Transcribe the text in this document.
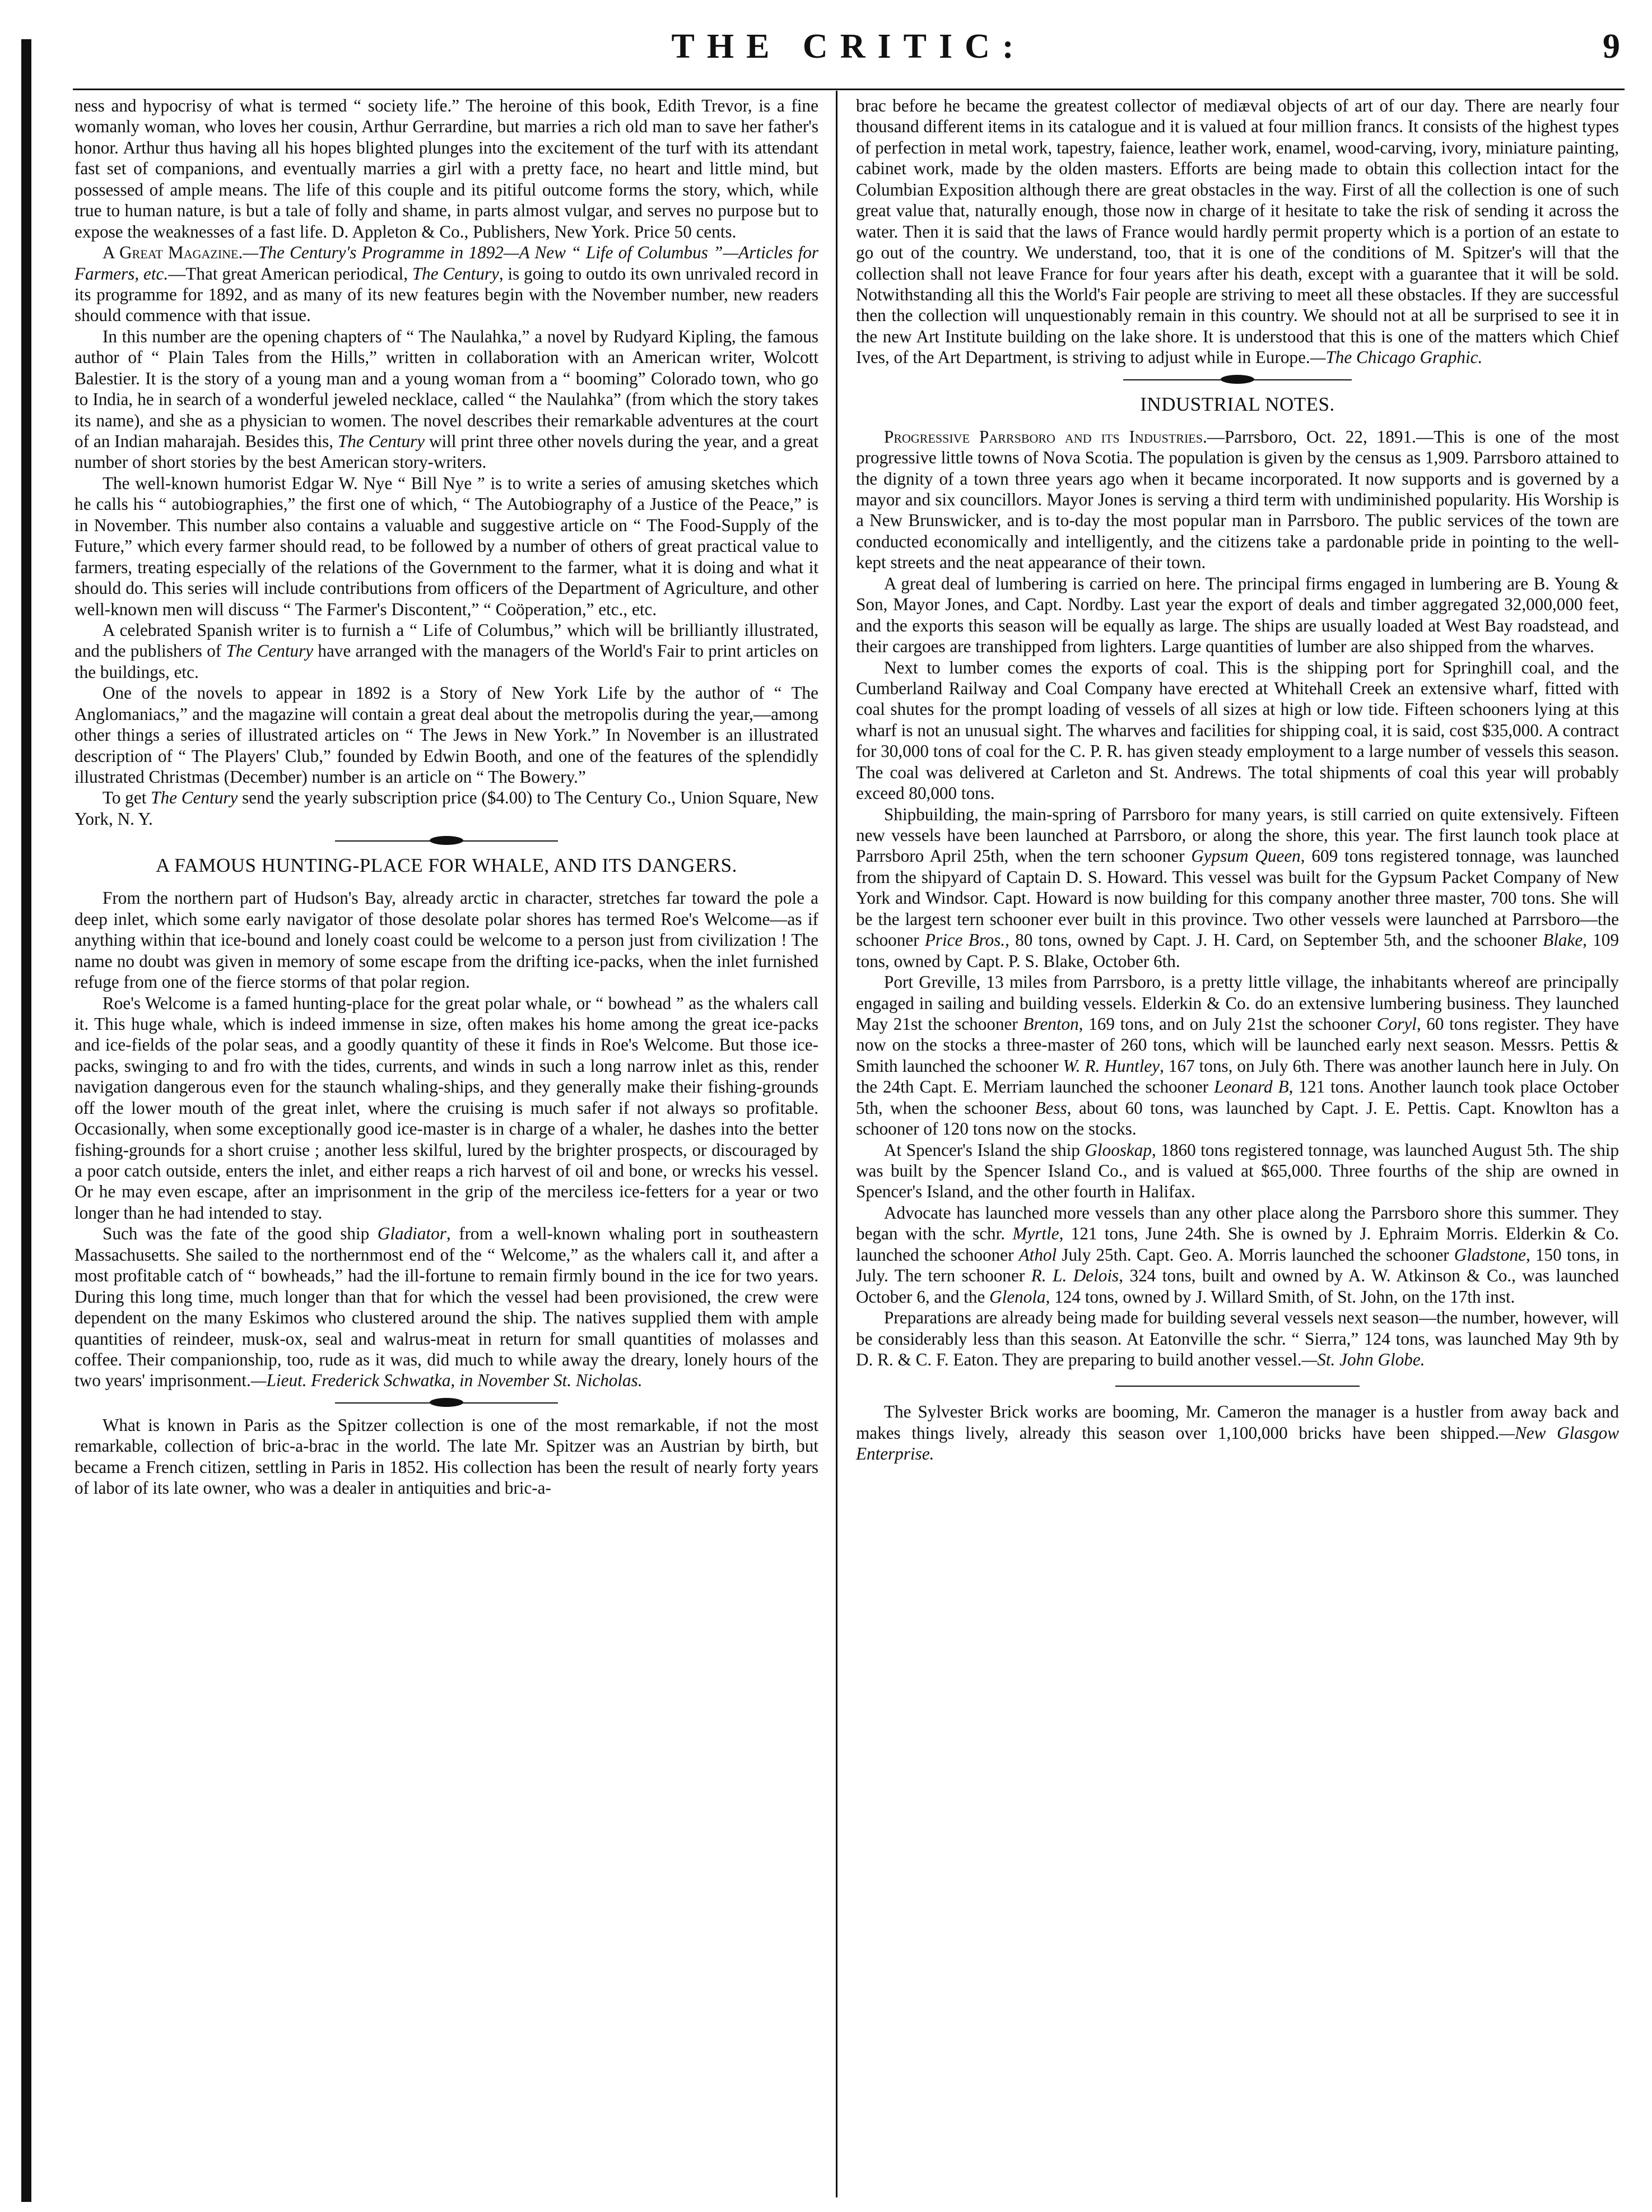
THE CRITIC:	9

ness and hypocrisy of what is termed “ society life.” The heroine of this book, Edith Trevor, is a fine womanly woman, who loves her cousin, Arthur Gerrardine, but marries a rich old man to save her father's honor. Arthur thus having all his hopes blighted plunges into the excitement of the turf with its attendant fast set of companions, and eventually marries a girl with a pretty face, no heart and little mind, but possessed of ample means. The life of this couple and its pitiful outcome forms the story, which, while true to human nature, is but a tale of folly and shame, in parts almost vulgar, and serves no purpose but to expose the weaknesses of a fast life. D. Appleton & Co., Publishers, New York. Price 50 cents.

A Great Magazine.—The Century's Programme in 1892—A New “ Life of Columbus ”—Articles for Farmers, etc.—That great American periodical, The Century, is going to outdo its own unrivaled record in its programme for 1892, and as many of its new features begin with the November number, new readers should commence with that issue.

In this number are the opening chapters of “ The Naulahka,” a novel by Rudyard Kipling, the famous author of “ Plain Tales from the Hills,” written in collaboration with an American writer, Wolcott Balestier. It is the story of a young man and a young woman from a “ booming” Colorado town, who go to India, he in search of a wonderful jeweled necklace, called “ the Naulahka” (from which the story takes its name), and she as a physician to women. The novel describes their remarkable adventures at the court of an Indian maharajah. Besides this, The Century will print three other novels during the year, and a great number of short stories by the best American story-writers.

The well-known humorist Edgar W. Nye “ Bill Nye ” is to write a series of amusing sketches which he calls his “ autobiographies,” the first one of which, “ The Autobiography of a Justice of the Peace,” is in November. This number also contains a valuable and suggestive article on “ The Food-Supply of the Future,” which every farmer should read, to be followed by a number of others of great practical value to farmers, treating especially of the relations of the Government to the farmer, what it is doing and what it should do. This series will include contributions from officers of the Department of Agriculture, and other well-known men will discuss “ The Farmer's Discontent,” “ Coöperation,” etc., etc.

A celebrated Spanish writer is to furnish a “ Life of Columbus,” which will be brilliantly illustrated, and the publishers of The Century have arranged with the managers of the World's Fair to print articles on the buildings, etc.

One of the novels to appear in 1892 is a Story of New York Life by the author of “ The Anglomaniacs,” and the magazine will contain a great deal about the metropolis during the year,—among other things a series of illustrated articles on “ The Jews in New York.” In November is an illustrated description of “ The Players' Club,” founded by Edwin Booth, and one of the features of the splendidly illustrated Christmas (December) number is an article on “ The Bowery.”

To get The Century send the yearly subscription price ($4.00) to The Century Co., Union Square, New York, N. Y.

A FAMOUS HUNTING-PLACE FOR WHALE, AND ITS DANGERS.

From the northern part of Hudson's Bay, already arctic in character, stretches far toward the pole a deep inlet, which some early navigator of those desolate polar shores has termed Roe's Welcome—as if anything within that ice-bound and lonely coast could be welcome to a person just from civilization ! The name no doubt was given in memory of some escape from the drifting ice-packs, when the inlet furnished refuge from one of the fierce storms of that polar region.

Roe's Welcome is a famed hunting-place for the great polar whale, or “ bowhead ” as the whalers call it. This huge whale, which is indeed immense in size, often makes his home among the great ice-packs and ice-fields of the polar seas, and a goodly quantity of these it finds in Roe's Welcome. But those ice-packs, swinging to and fro with the tides, currents, and winds in such a long narrow inlet as this, render navigation dangerous even for the staunch whaling-ships, and they generally make their fishing-grounds off the lower mouth of the great inlet, where the cruising is much safer if not always so profitable. Occasionally, when some exceptionally good ice-master is in charge of a whaler, he dashes into the better fishing-grounds for a short cruise ; another less skilful, lured by the brighter prospects, or discouraged by a poor catch outside, enters the inlet, and either reaps a rich harvest of oil and bone, or wrecks his vessel. Or he may even escape, after an imprisonment in the grip of the merciless ice-fetters for a year or two longer than he had intended to stay.

Such was the fate of the good ship Gladiator, from a well-known whaling port in southeastern Massachusetts. She sailed to the northernmost end of the “ Welcome,” as the whalers call it, and after a most profitable catch of “ bowheads,” had the ill-fortune to remain firmly bound in the ice for two years. During this long time, much longer than that for which the vessel had been provisioned, the crew were dependent on the many Eskimos who clustered around the ship. The natives supplied them with ample quantities of reindeer, musk-ox, seal and walrus-meat in return for small quantities of molasses and coffee. Their companionship, too, rude as it was, did much to while away the dreary, lonely hours of the two years' imprisonment.—Lieut. Frederick Schwatka, in November St. Nicholas.

What is known in Paris as the Spitzer collection is one of the most remarkable, if not the most remarkable, collection of bric-a-brac in the world. The late Mr. Spitzer was an Austrian by birth, but became a French citizen, settling in Paris in 1852. His collection has been the result of nearly forty years of labor of its late owner, who was a dealer in antiquities and bric-a-

brac before he became the greatest collector of mediæval objects of art of our day. There are nearly four thousand different items in its catalogue and it is valued at four million francs. It consists of the highest types of perfection in metal work, tapestry, faience, leather work, enamel, wood-carving, ivory, miniature painting, cabinet work, made by the olden masters. Efforts are being made to obtain this collection intact for the Columbian Exposition although there are great obstacles in the way. First of all the collection is one of such great value that, naturally enough, those now in charge of it hesitate to take the risk of sending it across the water. Then it is said that the laws of France would hardly permit property which is a portion of an estate to go out of the country. We understand, too, that it is one of the conditions of M. Spitzer's will that the collection shall not leave France for four years after his death, except with a guarantee that it will be sold. Notwithstanding all this the World's Fair people are striving to meet all these obstacles. If they are successful then the collection will unquestionably remain in this country. We should not at all be surprised to see it in the new Art Institute building on the lake shore. It is understood that this is one of the matters which Chief Ives, of the Art Department, is striving to adjust while in Europe.—The Chicago Graphic.

INDUSTRIAL NOTES.

Progressive Parrsboro and its Industries.—Parrsboro, Oct. 22, 1891.—This is one of the most progressive little towns of Nova Scotia. The population is given by the census as 1,909. Parrsboro attained to the dignity of a town three years ago when it became incorporated. It now supports and is governed by a mayor and six councillors. Mayor Jones is serving a third term with undiminished popularity. His Worship is a New Brunswicker, and is to-day the most popular man in Parrsboro. The public services of the town are conducted economically and intelligently, and the citizens take a pardonable pride in pointing to the well-kept streets and the neat appearance of their town.

A great deal of lumbering is carried on here. The principal firms engaged in lumbering are B. Young & Son, Mayor Jones, and Capt. Nordby. Last year the export of deals and timber aggregated 32,000,000 feet, and the exports this season will be equally as large. The ships are usually loaded at West Bay roadstead, and their cargoes are transhipped from lighters. Large quantities of lumber are also shipped from the wharves.

Next to lumber comes the exports of coal. This is the shipping port for Springhill coal, and the Cumberland Railway and Coal Company have erected at Whitehall Creek an extensive wharf, fitted with coal shutes for the prompt loading of vessels of all sizes at high or low tide. Fifteen schooners lying at this wharf is not an unusual sight. The wharves and facilities for shipping coal, it is said, cost $35,000. A contract for 30,000 tons of coal for the C. P. R. has given steady employment to a large number of vessels this season. The coal was delivered at Carleton and St. Andrews. The total shipments of coal this year will probably exceed 80,000 tons.

Shipbuilding, the main-spring of Parrsboro for many years, is still carried on quite extensively. Fifteen new vessels have been launched at Parrsboro, or along the shore, this year. The first launch took place at Parrsboro April 25th, when the tern schooner Gypsum Queen, 609 tons registered tonnage, was launched from the shipyard of Captain D. S. Howard. This vessel was built for the Gypsum Packet Company of New York and Windsor. Capt. Howard is now building for this company another three master, 700 tons. She will be the largest tern schooner ever built in this province. Two other vessels were launched at Parrsboro—the schooner Price Bros., 80 tons, owned by Capt. J. H. Card, on September 5th, and the schooner Blake, 109 tons, owned by Capt. P. S. Blake, October 6th.

Port Greville, 13 miles from Parrsboro, is a pretty little village, the inhabitants whereof are principally engaged in sailing and building vessels. Elderkin & Co. do an extensive lumbering business. They launched May 21st the schooner Brenton, 169 tons, and on July 21st the schooner Coryl, 60 tons register. They have now on the stocks a three-master of 260 tons, which will be launched early next season. Messrs. Pettis & Smith launched the schooner W. R. Huntley, 167 tons, on July 6th. There was another launch here in July. On the 24th Capt. E. Merriam launched the schooner Leonard B, 121 tons. Another launch took place October 5th, when the schooner Bess, about 60 tons, was launched by Capt. J. E. Pettis. Capt. Knowlton has a schooner of 120 tons now on the stocks.

At Spencer's Island the ship Glooskap, 1860 tons registered tonnage, was launched August 5th. The ship was built by the Spencer Island Co., and is valued at $65,000. Three fourths of the ship are owned in Spencer's Island, and the other fourth in Halifax.

Advocate has launched more vessels than any other place along the Parrsboro shore this summer. They began with the schr. Myrtle, 121 tons, June 24th. She is owned by J. Ephraim Morris. Elderkin & Co. launched the schooner Athol July 25th. Capt. Geo. A. Morris launched the schooner Gladstone, 150 tons, in July. The tern schooner R. L. Delois, 324 tons, built and owned by A. W. Atkinson & Co., was launched October 6, and the Glenola, 124 tons, owned by J. Willard Smith, of St. John, on the 17th inst.

Preparations are already being made for building several vessels next season—the number, however, will be considerably less than this season. At Eatonville the schr. “ Sierra,” 124 tons, was launched May 9th by D. R. & C. F. Eaton. They are preparing to build another vessel.—St. John Globe.

The Sylvester Brick works are booming, Mr. Cameron the manager is a hustler from away back and makes things lively, already this season over 1,100,000 bricks have been shipped.—New Glasgow Enterprise.
